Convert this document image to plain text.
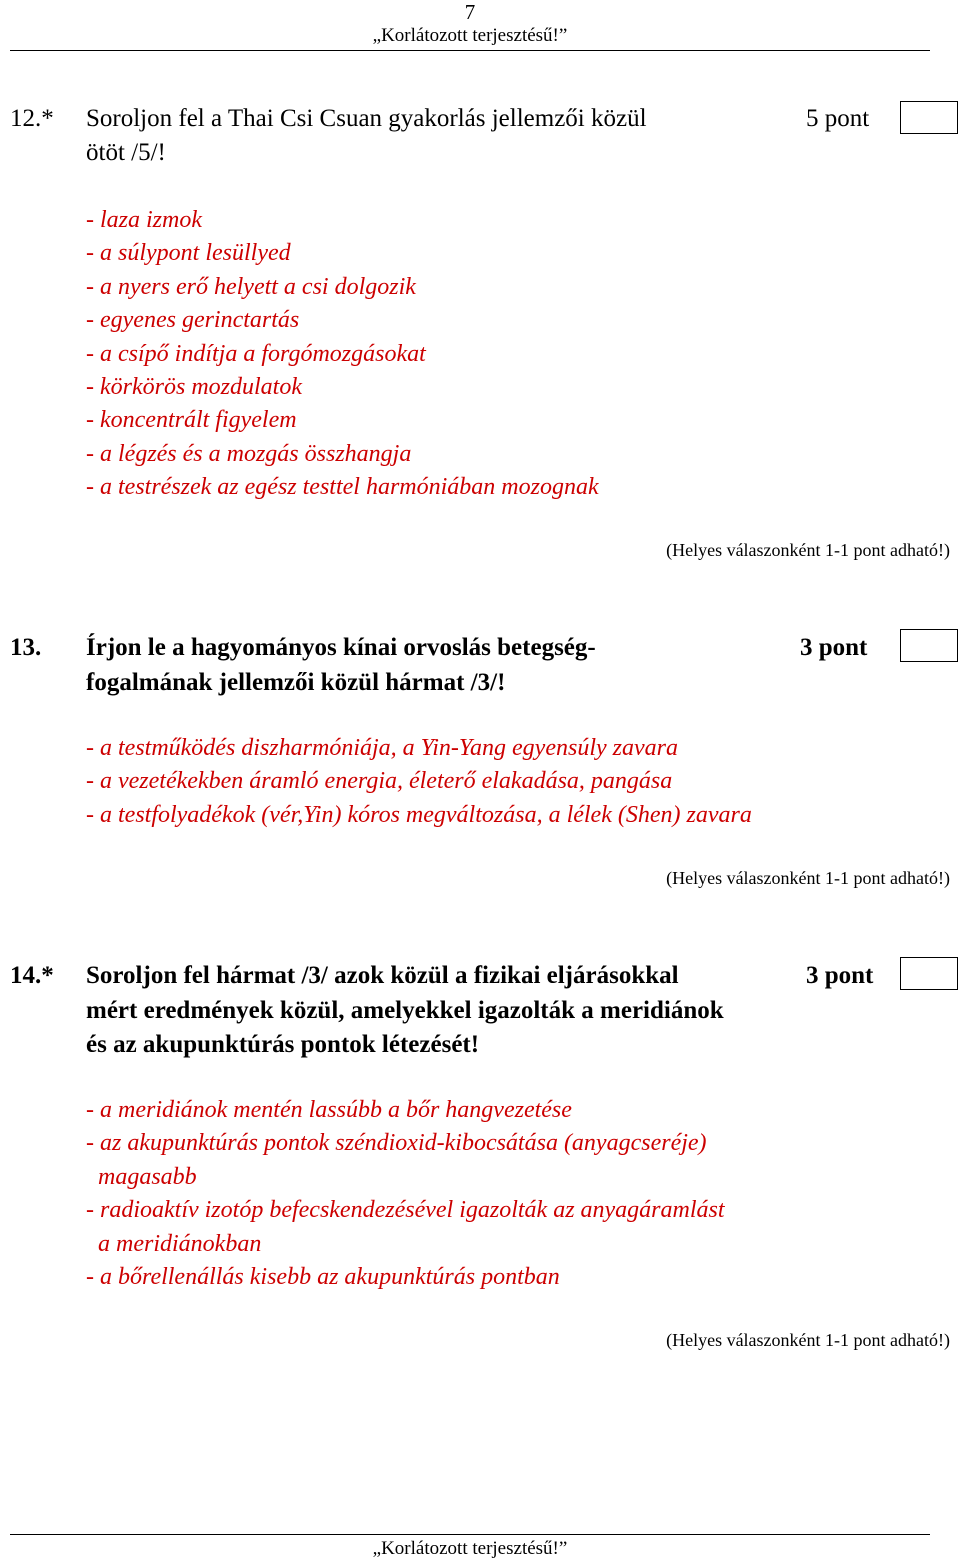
7
„Korlátozott terjesztésű!”
12.* Soroljon fel a Thai Csi Csuan gyakorlás jellemzői közül
ötöt /5/!
5 pont
- laza izmok
- a súlypont lesüllyed
- a nyers erő helyett a csi dolgozik
- egyenes gerinctartás
- a csípő indítja a forgómozgásokat
- körkörös mozdulatok
- koncentrált figyelem
- a légzés és a mozgás összhangja
- a testrészek az egész testtel harmóniában mozognak
(Helyes válaszonként 1-1 pont adható!)
13. Írjon le a hagyományos kínai orvoslás betegség-
fogalmának jellemzői közül hármat /3/!
3 pont
- a testműködés diszharmóniája, a Yin-Yang egyensúly zavara
- a vezetékekben áramló energia, életerő elakadása, pangása
- a testfolyadékok (vér,Yin) kóros megváltozása, a lélek (Shen) zavara
(Helyes válaszonként 1-1 pont adható!)
14.* Soroljon fel hármat /3/ azok közül a fizikai eljárásokkal
mért eredmények közül, amelyekkel igazolták a meridiánok
és az akupunktúrás pontok létezését!
3 pont
- a meridiánok mentén lassúbb a bőr hangvezetése
- az akupunktúrás pontok széndioxid-kibocsátása (anyagcseréje)
magasabb
- radioaktív izotóp befecskendezésével igazolták az anyagáramlást
a meridiánokban
- a bőrellenállás kisebb az akupunktúrás pontban
(Helyes válaszonként 1-1 pont adható!)
„Korlátozott terjesztésű!”
